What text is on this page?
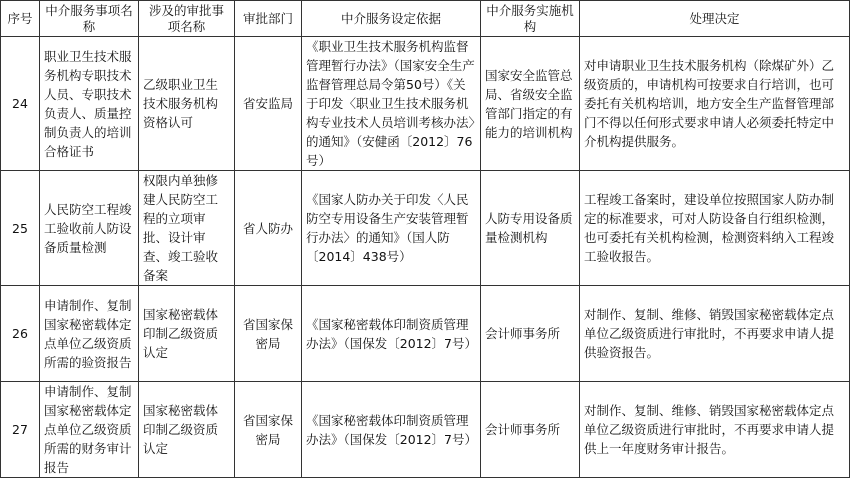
序号	中介服务事项名称	涉及的审批事项名称	审批部门	中介服务设定依据	中介服务实施机构	处理决定
24	职业卫生技术服务机构专职技术人员、专职技术负责人、质量控制负责人的培训合格证书	乙级职业卫生技术服务机构资格认可	省安监局	《职业卫生技术服务机构监督管理暂行办法》（国家安全生产监督管理总局令第50号）《关于印发〈职业卫生技术服务机构专业技术人员培训考核办法〉的通知》（安健函〔2012〕76号）	国家安全监管总局、省级安全监管部门指定的有能力的培训机构	对申请职业卫生技术服务机构（除煤矿外）乙级资质的，申请机构可按要求自行培训，也可委托有关机构培训，地方安全生产监督管理部门不得以任何形式要求申请人必须委托特定中介机构提供服务。
25	人民防空工程竣工验收前人防设备质量检测	权限内单独修建人民防空工程的立项审批、设计审查、竣工验收备案	省人防办	《国家人防办关于印发〈人民防空专用设备生产安装管理暂行办法〉的通知》（国人防〔2014〕438号）	人防专用设备质量检测机构	工程竣工备案时，建设单位按照国家人防办制定的标准要求，可对人防设备自行组织检测，也可委托有关机构检测，检测资料纳入工程竣工验收报告。
26	申请制作、复制国家秘密载体定点单位乙级资质所需的验资报告	国家秘密载体印制乙级资质认定	省国家保密局	《国家秘密载体印制资质管理办法》（国保发〔2012〕7号）	会计师事务所	对制作、复制、维修、销毁国家秘密载体定点单位乙级资质进行审批时，不再要求申请人提供验资报告。
27	申请制作、复制国家秘密载体定点单位乙级资质所需的财务审计报告	国家秘密载体印制乙级资质认定	省国家保密局	《国家秘密载体印制资质管理办法》（国保发〔2012〕7号）	会计师事务所	对制作、复制、维修、销毁国家秘密载体定点单位乙级资质进行审批时，不再要求申请人提供上一年度财务审计报告。
